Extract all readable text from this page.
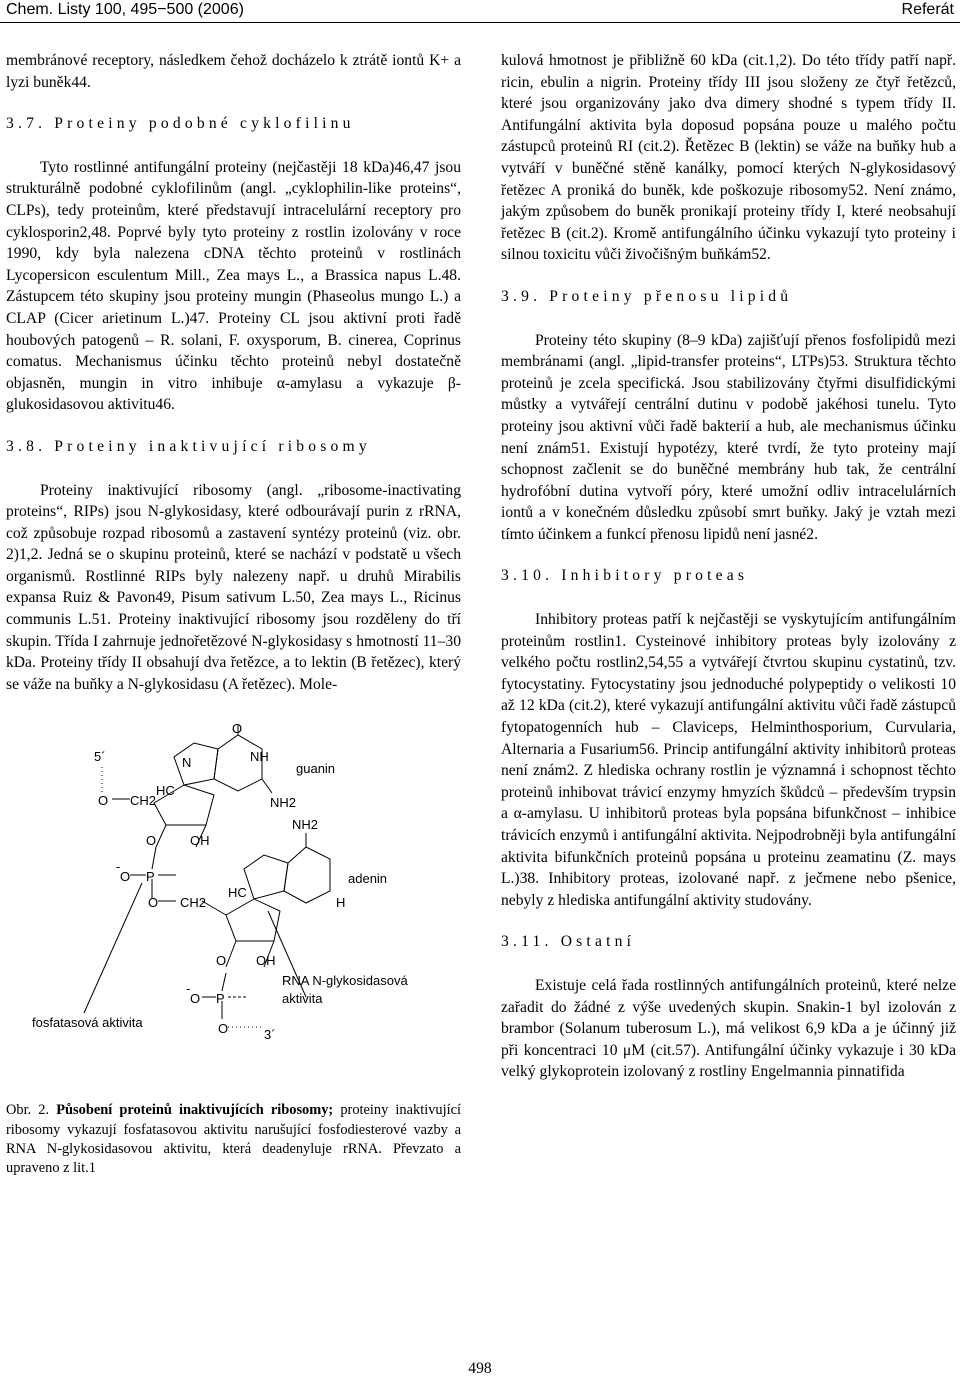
Chem. Listy 100, 495−500 (2006)	Referát

membránové receptory, následkem čehož docházelo k ztrátě iontů K+ a lyzi buněk44.

3.7. Proteiny podobné cyklofilinu

Tyto rostlinné antifungální proteiny (nejčastěji 18 kDa)46,47 jsou strukturálně podobné cyklofilinům (angl. „cyklophilin-like proteins“, CLPs), tedy proteinům, které představují intracelulární receptory pro cyklosporin2,48. Poprvé byly tyto proteiny z rostlin izolovány v roce 1990, kdy byla nalezena cDNA těchto proteinů v rostlinách Lycopersicon esculentum Mill., Zea mays L., a Brassica napus L.48. Zástupcem této skupiny jsou proteiny mungin (Phaseolus mungo L.) a CLAP (Cicer arietinum L.)47. Proteiny CL jsou aktivní proti řadě houbových patogenů – R. solani, F. oxysporum, B. cinerea, Coprinus comatus. Mechanismus účinku těchto proteinů nebyl dostatečně objasněn, mungin in vitro inhibuje α-amylasu a vykazuje β-glukosidasovou aktivitu46.

3.8. Proteiny inaktivující ribosomy

Proteiny inaktivující ribosomy (angl. „ribosome-inactivating proteins“, RIPs) jsou N-glykosidasy, které odbourávají purin z rRNA, což způsobuje rozpad ribosomů a zastavení syntézy proteinů (viz. obr. 2)1,2. Jedná se o skupinu proteinů, které se nachází v podstatě u všech organismů. Rostlinné RIPs byly nalezeny např. u druhů Mirabilis expansa Ruiz & Pavon49, Pisum sativum L.50, Zea mays L., Ricinus communis L.51. Proteiny inaktivující ribosomy jsou rozděleny do tří skupin. Třída I zahrnuje jednořetězové N-glykosidasy s hmotností 11–30 kDa. Proteiny třídy II obsahují dva řetězce, a to lektin (B řetězec), který se váže na buňky a N-glykosidasu (A řetězec). Mole-

5´
O CH2
HC
N	NH
O
NH2
guanin
O	OH
-
O P
O CH2
NH2
adenin
HC
H
fosfatasová aktivita
O OH
-
O P
O	3´
RNA N-glykosidasová
aktivita

Obr. 2. Působení proteinů inaktivujících ribosomy; proteiny inaktivující ribosomy vykazují fosfatasovou aktivitu narušující fosfodiesterové vazby a RNA N-glykosidasovou aktivitu, která deadenyluje rRNA. Převzato a upraveno z lit.1

kulová hmotnost je přibližně 60 kDa (cit.1,2). Do této třídy patří např. ricin, ebulin a nigrin. Proteiny třídy III jsou složeny ze čtyř řetězců, které jsou organizovány jako dva dimery shodné s typem třídy II. Antifungální aktivita byla doposud popsána pouze u malého počtu zástupců proteinů RI (cit.2). Řetězec B (lektin) se váže na buňky hub a vytváří v buněčné stěně kanálky, pomocí kterých N-glykosidasový řetězec A proniká do buněk, kde poškozuje ribosomy52. Není známo, jakým způsobem do buněk pronikají proteiny třídy I, které neobsahují řetězec B (cit.2). Kromě antifungálního účinku vykazují tyto proteiny i silnou toxicitu vůči živočišným buňkám52.

3.9. Proteiny přenosu lipidů

Proteiny této skupiny (8–9 kDa) zajišťují přenos fosfolipidů mezi membránami (angl. „lipid-transfer proteins“, LTPs)53. Struktura těchto proteinů je zcela specifická. Jsou stabilizovány čtyřmi disulfidickými můstky a vytvářejí centrální dutinu v podobě jakéhosi tunelu. Tyto proteiny jsou aktivní vůči řadě bakterií a hub, ale mechanismus účinku není znám51. Existují hypotézy, které tvrdí, že tyto proteiny mají schopnost začlenit se do buněčné membrány hub tak, že centrální hydrofóbní dutina vytvoří póry, které umožní odliv intracelulárních iontů a v konečném důsledku způsobí smrt buňky. Jaký je vztah mezi tímto účinkem a funkcí přenosu lipidů není jasné2.

3.10. Inhibitory proteas

Inhibitory proteas patří k nejčastěji se vyskytujícím antifungálním proteinům rostlin1. Cysteinové inhibitory proteas byly izolovány z velkého počtu rostlin2,54,55 a vytvářejí čtvrtou skupinu cystatinů, tzv. fytocystatiny. Fytocystatiny jsou jednoduché polypeptidy o velikosti 10 až 12 kDa (cit.2), které vykazují antifungální aktivitu vůči řadě zástupců fytopatogenních hub – Claviceps, Helminthosporium, Curvularia, Alternaria a Fusarium56. Princip antifungální aktivity inhibitorů proteas není znám2. Z hlediska ochrany rostlin je významná i schopnost těchto proteinů inhibovat trávicí enzymy hmyzích škůdců – především trypsin a α-amylasu. U inhibitorů proteas byla popsána bifunkčnost – inhibice trávicích enzymů i antifungální aktivita. Nejpodrobněji byla antifungální aktivita bifunkčních proteinů popsána u proteinu zeamatinu (Z. mays L.)38. Inhibitory proteas, izolované např. z ječmene nebo pšenice, nebyly z hlediska antifungální aktivity studovány.

3.11. Ostatní

Existuje celá řada rostlinných antifungálních proteinů, které nelze zařadit do žádné z výše uvedených skupin. Snakin-1 byl izolován z brambor (Solanum tuberosum L.), má velikost 6,9 kDa a je účinný již při koncentraci 10 μM (cit.57). Antifungální účinky vykazuje i 30 kDa velký glykoprotein izolovaný z rostliny Engelmannia pinnatifida

498
